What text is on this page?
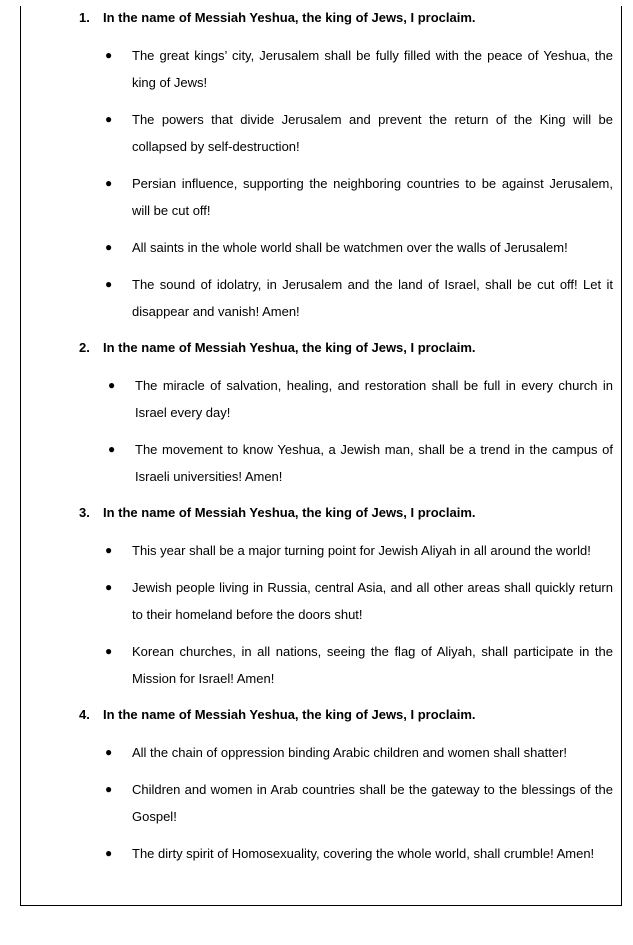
1. In the name of Messiah Yeshua, the king of Jews, I proclaim.
● The great kings’ city, Jerusalem shall be fully filled with the peace of Yeshua, the king of Jews!
● The powers that divide Jerusalem and prevent the return of the King will be collapsed by self-destruction!
● Persian influence, supporting the neighboring countries to be against Jerusalem, will be cut off!
● All saints in the whole world shall be watchmen over the walls of Jerusalem!
● The sound of idolatry, in Jerusalem and the land of Israel, shall be cut off! Let it disappear and vanish! Amen!
2. In the name of Messiah Yeshua, the king of Jews, I proclaim.
● The miracle of salvation, healing, and restoration shall be full in every church in Israel every day!
● The movement to know Yeshua, a Jewish man, shall be a trend in the campus of Israeli universities! Amen!
3. In the name of Messiah Yeshua, the king of Jews, I proclaim.
● This year shall be a major turning point for Jewish Aliyah in all around the world!
● Jewish people living in Russia, central Asia, and all other areas shall quickly return to their homeland before the doors shut!
● Korean churches, in all nations, seeing the flag of Aliyah, shall participate in the Mission for Israel! Amen!
4. In the name of Messiah Yeshua, the king of Jews, I proclaim.
● All the chain of oppression binding Arabic children and women shall shatter!
● Children and women in Arab countries shall be the gateway to the blessings of the Gospel!
● The dirty spirit of Homosexuality, covering the whole world, shall crumble! Amen!
